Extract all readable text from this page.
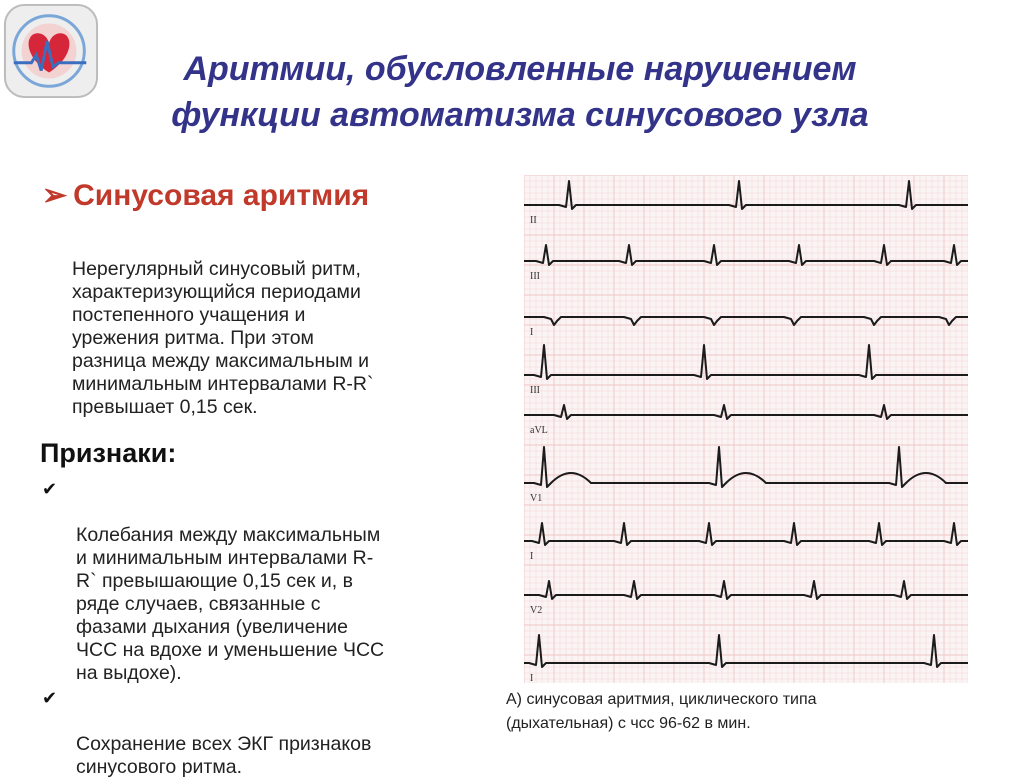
Аритмии, обусловленные нарушением
функции автоматизма синусового узла
➢ Синусовая аритмия
Нерегулярный синусовый ритм,
характеризующийся периодами
постепенного учащения и
урежения ритма. При этом
разница между максимальным и
минимальным интервалами R-R`
превышает 0,15 сек.
Признаки:

✔

Колебания между максимальным
и минимальным интервалами R-
R` превышающие 0,15 сек и, в
ряде случаев, связанные с
фазами дыхания (увеличение
ЧСС на вдохе и уменьшение ЧСС
на выдохе).

✔

Сохранение всех ЭКГ признаков
синусового ритма.

II
III
I
III
aVL
V1
I
V2
I
А) синусовая аритмия, циклического типа
(дыхательная) с чсс 96-62 в мин.
